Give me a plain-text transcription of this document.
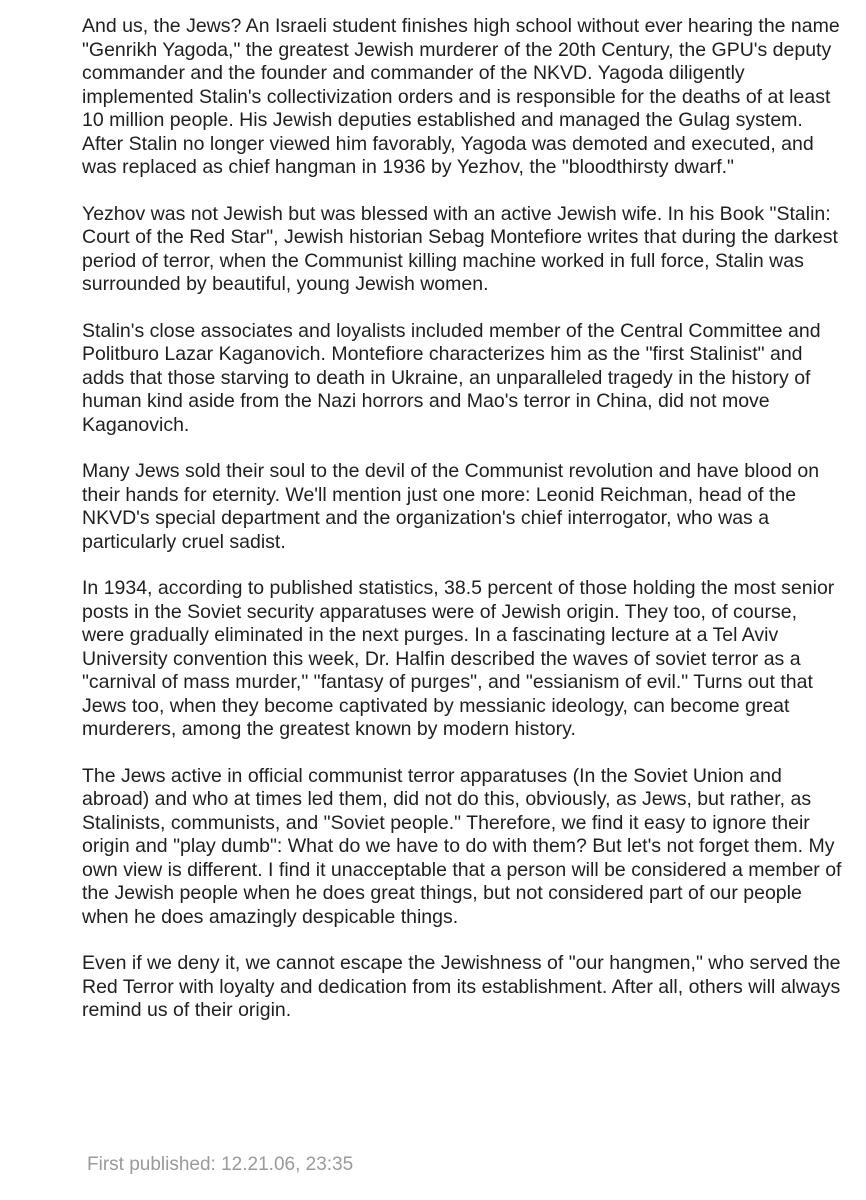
And us, the Jews? An Israeli student finishes high school without ever hearing the name "Genrikh Yagoda," the greatest Jewish murderer of the 20th Century, the GPU's deputy commander and the founder and commander of the NKVD. Yagoda diligently implemented Stalin's collectivization orders and is responsible for the deaths of at least 10 million people. His Jewish deputies established and managed the Gulag system. After Stalin no longer viewed him favorably, Yagoda was demoted and executed, and was replaced as chief hangman in 1936 by Yezhov, the "bloodthirsty dwarf."

Yezhov was not Jewish but was blessed with an active Jewish wife. In his Book "Stalin: Court of the Red Star", Jewish historian Sebag Montefiore writes that during the darkest period of terror, when the Communist killing machine worked in full force, Stalin was surrounded by beautiful, young Jewish women.

Stalin's close associates and loyalists included member of the Central Committee and Politburo Lazar Kaganovich. Montefiore characterizes him as the "first Stalinist" and adds that those starving to death in Ukraine, an unparalleled tragedy in the history of human kind aside from the Nazi horrors and Mao's terror in China, did not move Kaganovich.

Many Jews sold their soul to the devil of the Communist revolution and have blood on their hands for eternity. We'll mention just one more: Leonid Reichman, head of the NKVD's special department and the organization's chief interrogator, who was a particularly cruel sadist.

In 1934, according to published statistics, 38.5 percent of those holding the most senior posts in the Soviet security apparatuses were of Jewish origin. They too, of course, were gradually eliminated in the next purges. In a fascinating lecture at a Tel Aviv University convention this week, Dr. Halfin described the waves of soviet terror as a "carnival of mass murder," "fantasy of purges", and "essianism of evil." Turns out that Jews too, when they become captivated by messianic ideology, can become great murderers, among the greatest known by modern history.

The Jews active in official communist terror apparatuses (In the Soviet Union and abroad) and who at times led them, did not do this, obviously, as Jews, but rather, as Stalinists, communists, and "Soviet people." Therefore, we find it easy to ignore their origin and "play dumb": What do we have to do with them? But let's not forget them. My own view is different. I find it unacceptable that a person will be considered a member of the Jewish people when he does great things, but not considered part of our people when he does amazingly despicable things.

Even if we deny it, we cannot escape the Jewishness of "our hangmen," who served the Red Terror with loyalty and dedication from its establishment. After all, others will always remind us of their origin.

First published: 12.21.06, 23:35
